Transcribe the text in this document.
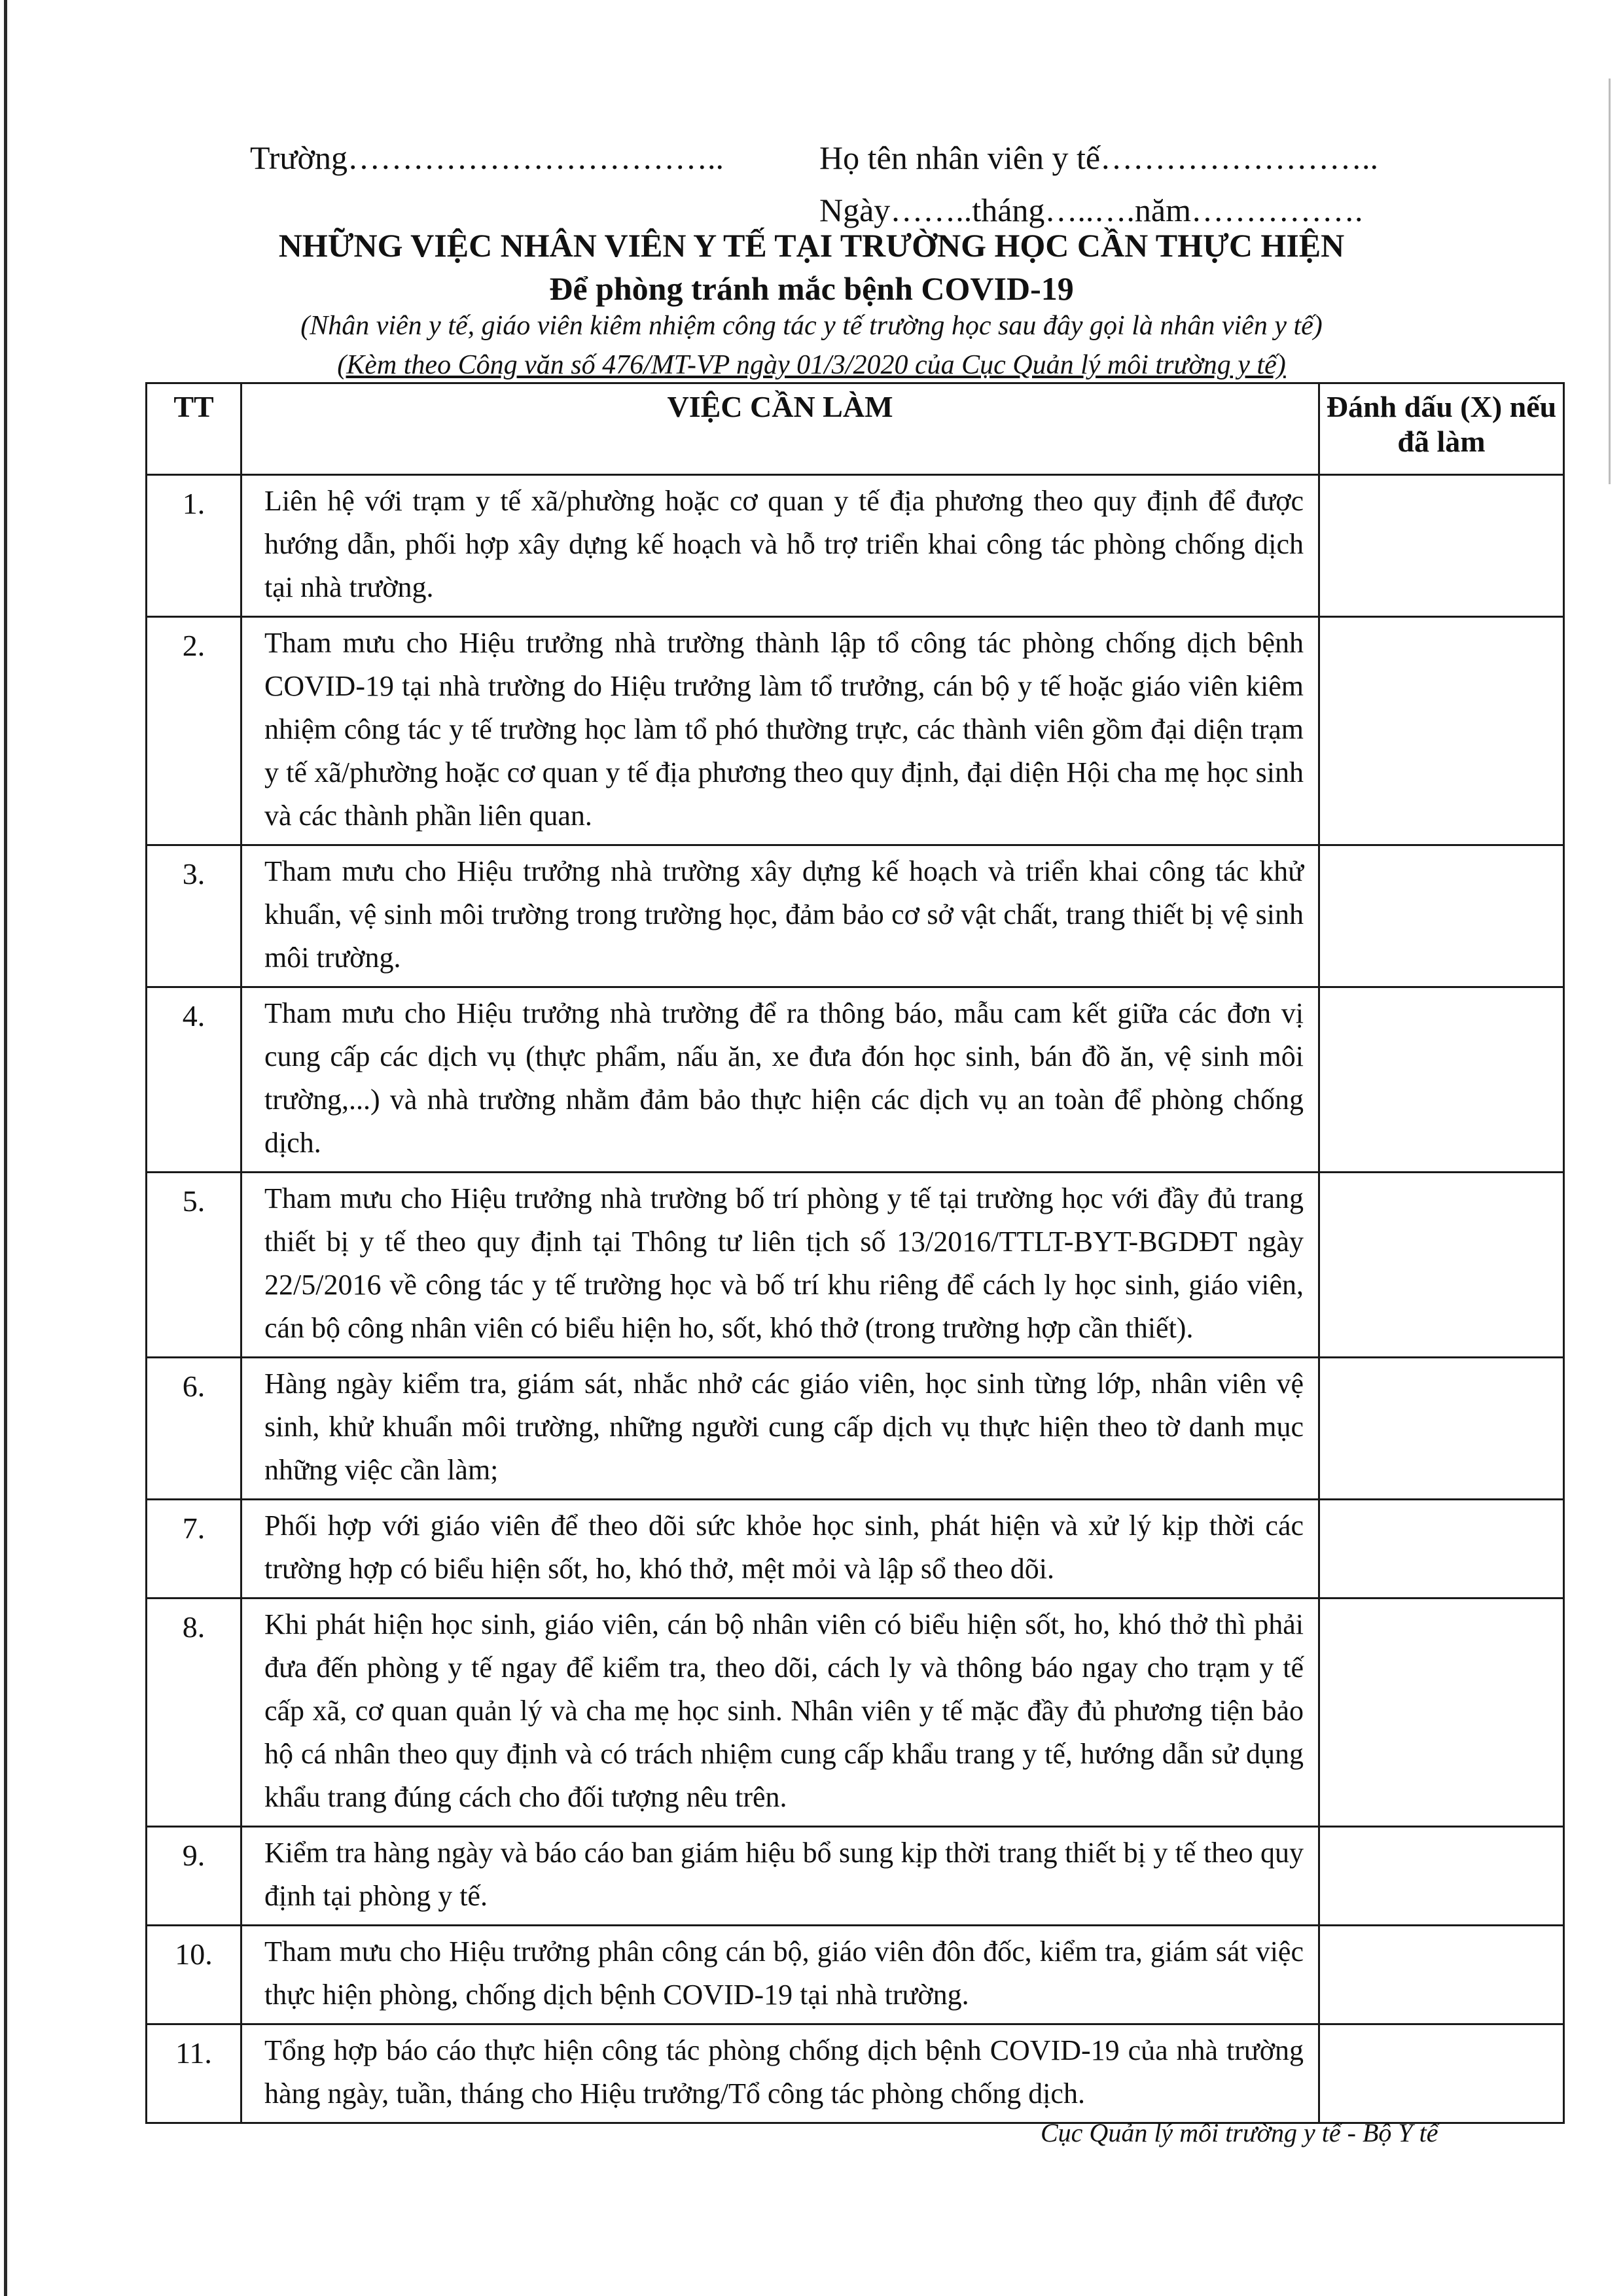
Trường……………………………..	Họ tên nhân viên y tế……………………..
Ngày……..tháng…..….năm…………….
NHỮNG VIỆC NHÂN VIÊN Y TẾ TẠI TRƯỜNG HỌC CẦN THỰC HIỆN
Để phòng tránh mắc bệnh COVID-19
(Nhân viên y tế, giáo viên kiêm nhiệm công tác y tế trường học sau đây gọi là nhân viên y tế)
(Kèm theo Công văn số 476/MT-VP ngày 01/3/2020 của Cục Quản lý môi trường y tế)
TT	VIỆC CẦN LÀM	Đánh dấu (X) nếu đã làm
1.	Liên hệ với trạm y tế xã/phường hoặc cơ quan y tế địa phương theo quy định để được hướng dẫn, phối hợp xây dựng kế hoạch và hỗ trợ triển khai công tác phòng chống dịch tại nhà trường.	
2.	Tham mưu cho Hiệu trưởng nhà trường thành lập tổ công tác phòng chống dịch bệnh COVID-19 tại nhà trường do Hiệu trưởng làm tổ trưởng, cán bộ y tế hoặc giáo viên kiêm nhiệm công tác y tế trường học làm tổ phó thường trực, các thành viên gồm đại diện trạm y tế xã/phường hoặc cơ quan y tế địa phương theo quy định, đại diện Hội cha mẹ học sinh và các thành phần liên quan.	
3.	Tham mưu cho Hiệu trưởng nhà trường xây dựng kế hoạch và triển khai công tác khử khuẩn, vệ sinh môi trường trong trường học, đảm bảo cơ sở vật chất, trang thiết bị vệ sinh môi trường.	
4.	Tham mưu cho Hiệu trưởng nhà trường để ra thông báo, mẫu cam kết giữa các đơn vị cung cấp các dịch vụ (thực phẩm, nấu ăn, xe đưa đón học sinh, bán đồ ăn, vệ sinh môi trường,...) và nhà trường nhằm đảm bảo thực hiện các dịch vụ an toàn để phòng chống dịch.	
5.	Tham mưu cho Hiệu trưởng nhà trường bố trí phòng y tế tại trường học với đầy đủ trang thiết bị y tế theo quy định tại Thông tư liên tịch số 13/2016/TTLT-BYT-BGDĐT ngày 22/5/2016 về công tác y tế trường học và bố trí khu riêng để cách ly học sinh, giáo viên, cán bộ công nhân viên có biểu hiện ho, sốt, khó thở (trong trường hợp cần thiết).	
6.	Hàng ngày kiểm tra, giám sát, nhắc nhở các giáo viên, học sinh từng lớp, nhân viên vệ sinh, khử khuẩn môi trường, những người cung cấp dịch vụ thực hiện theo tờ danh mục những việc cần làm;	
7.	Phối hợp với giáo viên để theo dõi sức khỏe học sinh, phát hiện và xử lý kịp thời các trường hợp có biểu hiện sốt, ho, khó thở, mệt mỏi và lập sổ theo dõi.	
8.	Khi phát hiện học sinh, giáo viên, cán bộ nhân viên có biểu hiện sốt, ho, khó thở thì phải đưa đến phòng y tế ngay để kiểm tra, theo dõi, cách ly và thông báo ngay cho trạm y tế cấp xã, cơ quan quản lý và cha mẹ học sinh. Nhân viên y tế mặc đầy đủ phương tiện bảo hộ cá nhân theo quy định và có trách nhiệm cung cấp khẩu trang y tế, hướng dẫn sử dụng khẩu trang đúng cách cho đối tượng nêu trên.	
9.	Kiểm tra hàng ngày và báo cáo ban giám hiệu bổ sung kịp thời trang thiết bị y tế theo quy định tại phòng y tế.	
10.	Tham mưu cho Hiệu trưởng phân công cán bộ, giáo viên đôn đốc, kiểm tra, giám sát việc thực hiện phòng, chống dịch bệnh COVID-19 tại nhà trường.	
11.	Tổng hợp báo cáo thực hiện công tác phòng chống dịch bệnh COVID-19 của nhà trường hàng ngày, tuần, tháng cho Hiệu trưởng/Tổ công tác phòng chống dịch.	
Cục Quản lý môi trường y tế - Bộ Y tế
